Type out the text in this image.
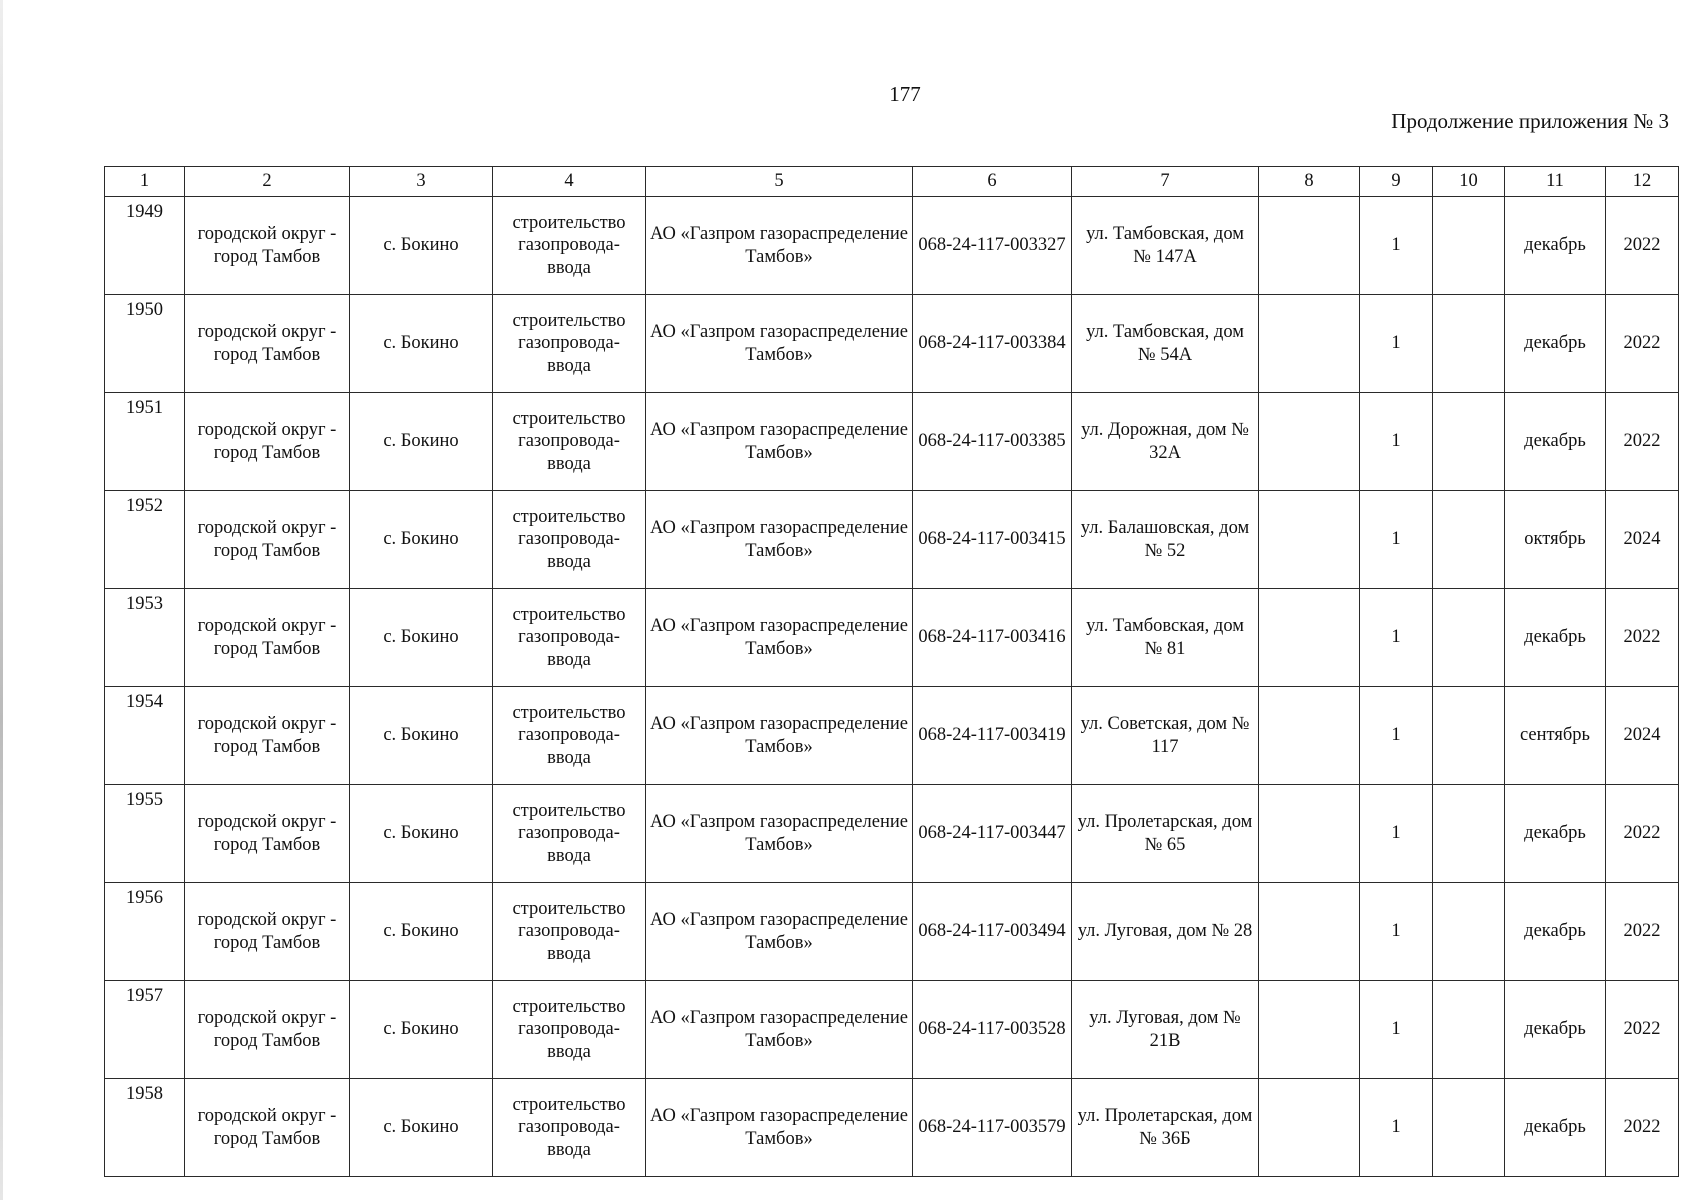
177
Продолжение приложения № 3
1	2	3	4	5	6	7	8	9	10	11	12
1949	городской округ - город Тамбов	с. Бокино	строительство газопровода-ввода	АО «Газпром газораспределение Тамбов»	068-24-117-003327	ул. Тамбовская, дом № 147А		1		декабрь	2022
1950	городской округ - город Тамбов	с. Бокино	строительство газопровода-ввода	АО «Газпром газораспределение Тамбов»	068-24-117-003384	ул. Тамбовская, дом № 54А		1		декабрь	2022
1951	городской округ - город Тамбов	с. Бокино	строительство газопровода-ввода	АО «Газпром газораспределение Тамбов»	068-24-117-003385	ул. Дорожная, дом № 32А		1		декабрь	2022
1952	городской округ - город Тамбов	с. Бокино	строительство газопровода-ввода	АО «Газпром газораспределение Тамбов»	068-24-117-003415	ул. Балашовская, дом № 52		1		октябрь	2024
1953	городской округ - город Тамбов	с. Бокино	строительство газопровода-ввода	АО «Газпром газораспределение Тамбов»	068-24-117-003416	ул. Тамбовская, дом № 81		1		декабрь	2022
1954	городской округ - город Тамбов	с. Бокино	строительство газопровода-ввода	АО «Газпром газораспределение Тамбов»	068-24-117-003419	ул. Советская, дом № 117		1		сентябрь	2024
1955	городской округ - город Тамбов	с. Бокино	строительство газопровода-ввода	АО «Газпром газораспределение Тамбов»	068-24-117-003447	ул. Пролетарская, дом № 65		1		декабрь	2022
1956	городской округ - город Тамбов	с. Бокино	строительство газопровода-ввода	АО «Газпром газораспределение Тамбов»	068-24-117-003494	ул. Луговая, дом № 28		1		декабрь	2022
1957	городской округ - город Тамбов	с. Бокино	строительство газопровода-ввода	АО «Газпром газораспределение Тамбов»	068-24-117-003528	ул. Луговая, дом № 21В		1		декабрь	2022
1958	городской округ - город Тамбов	с. Бокино	строительство газопровода-ввода	АО «Газпром газораспределение Тамбов»	068-24-117-003579	ул. Пролетарская, дом № 36Б		1		декабрь	2022
